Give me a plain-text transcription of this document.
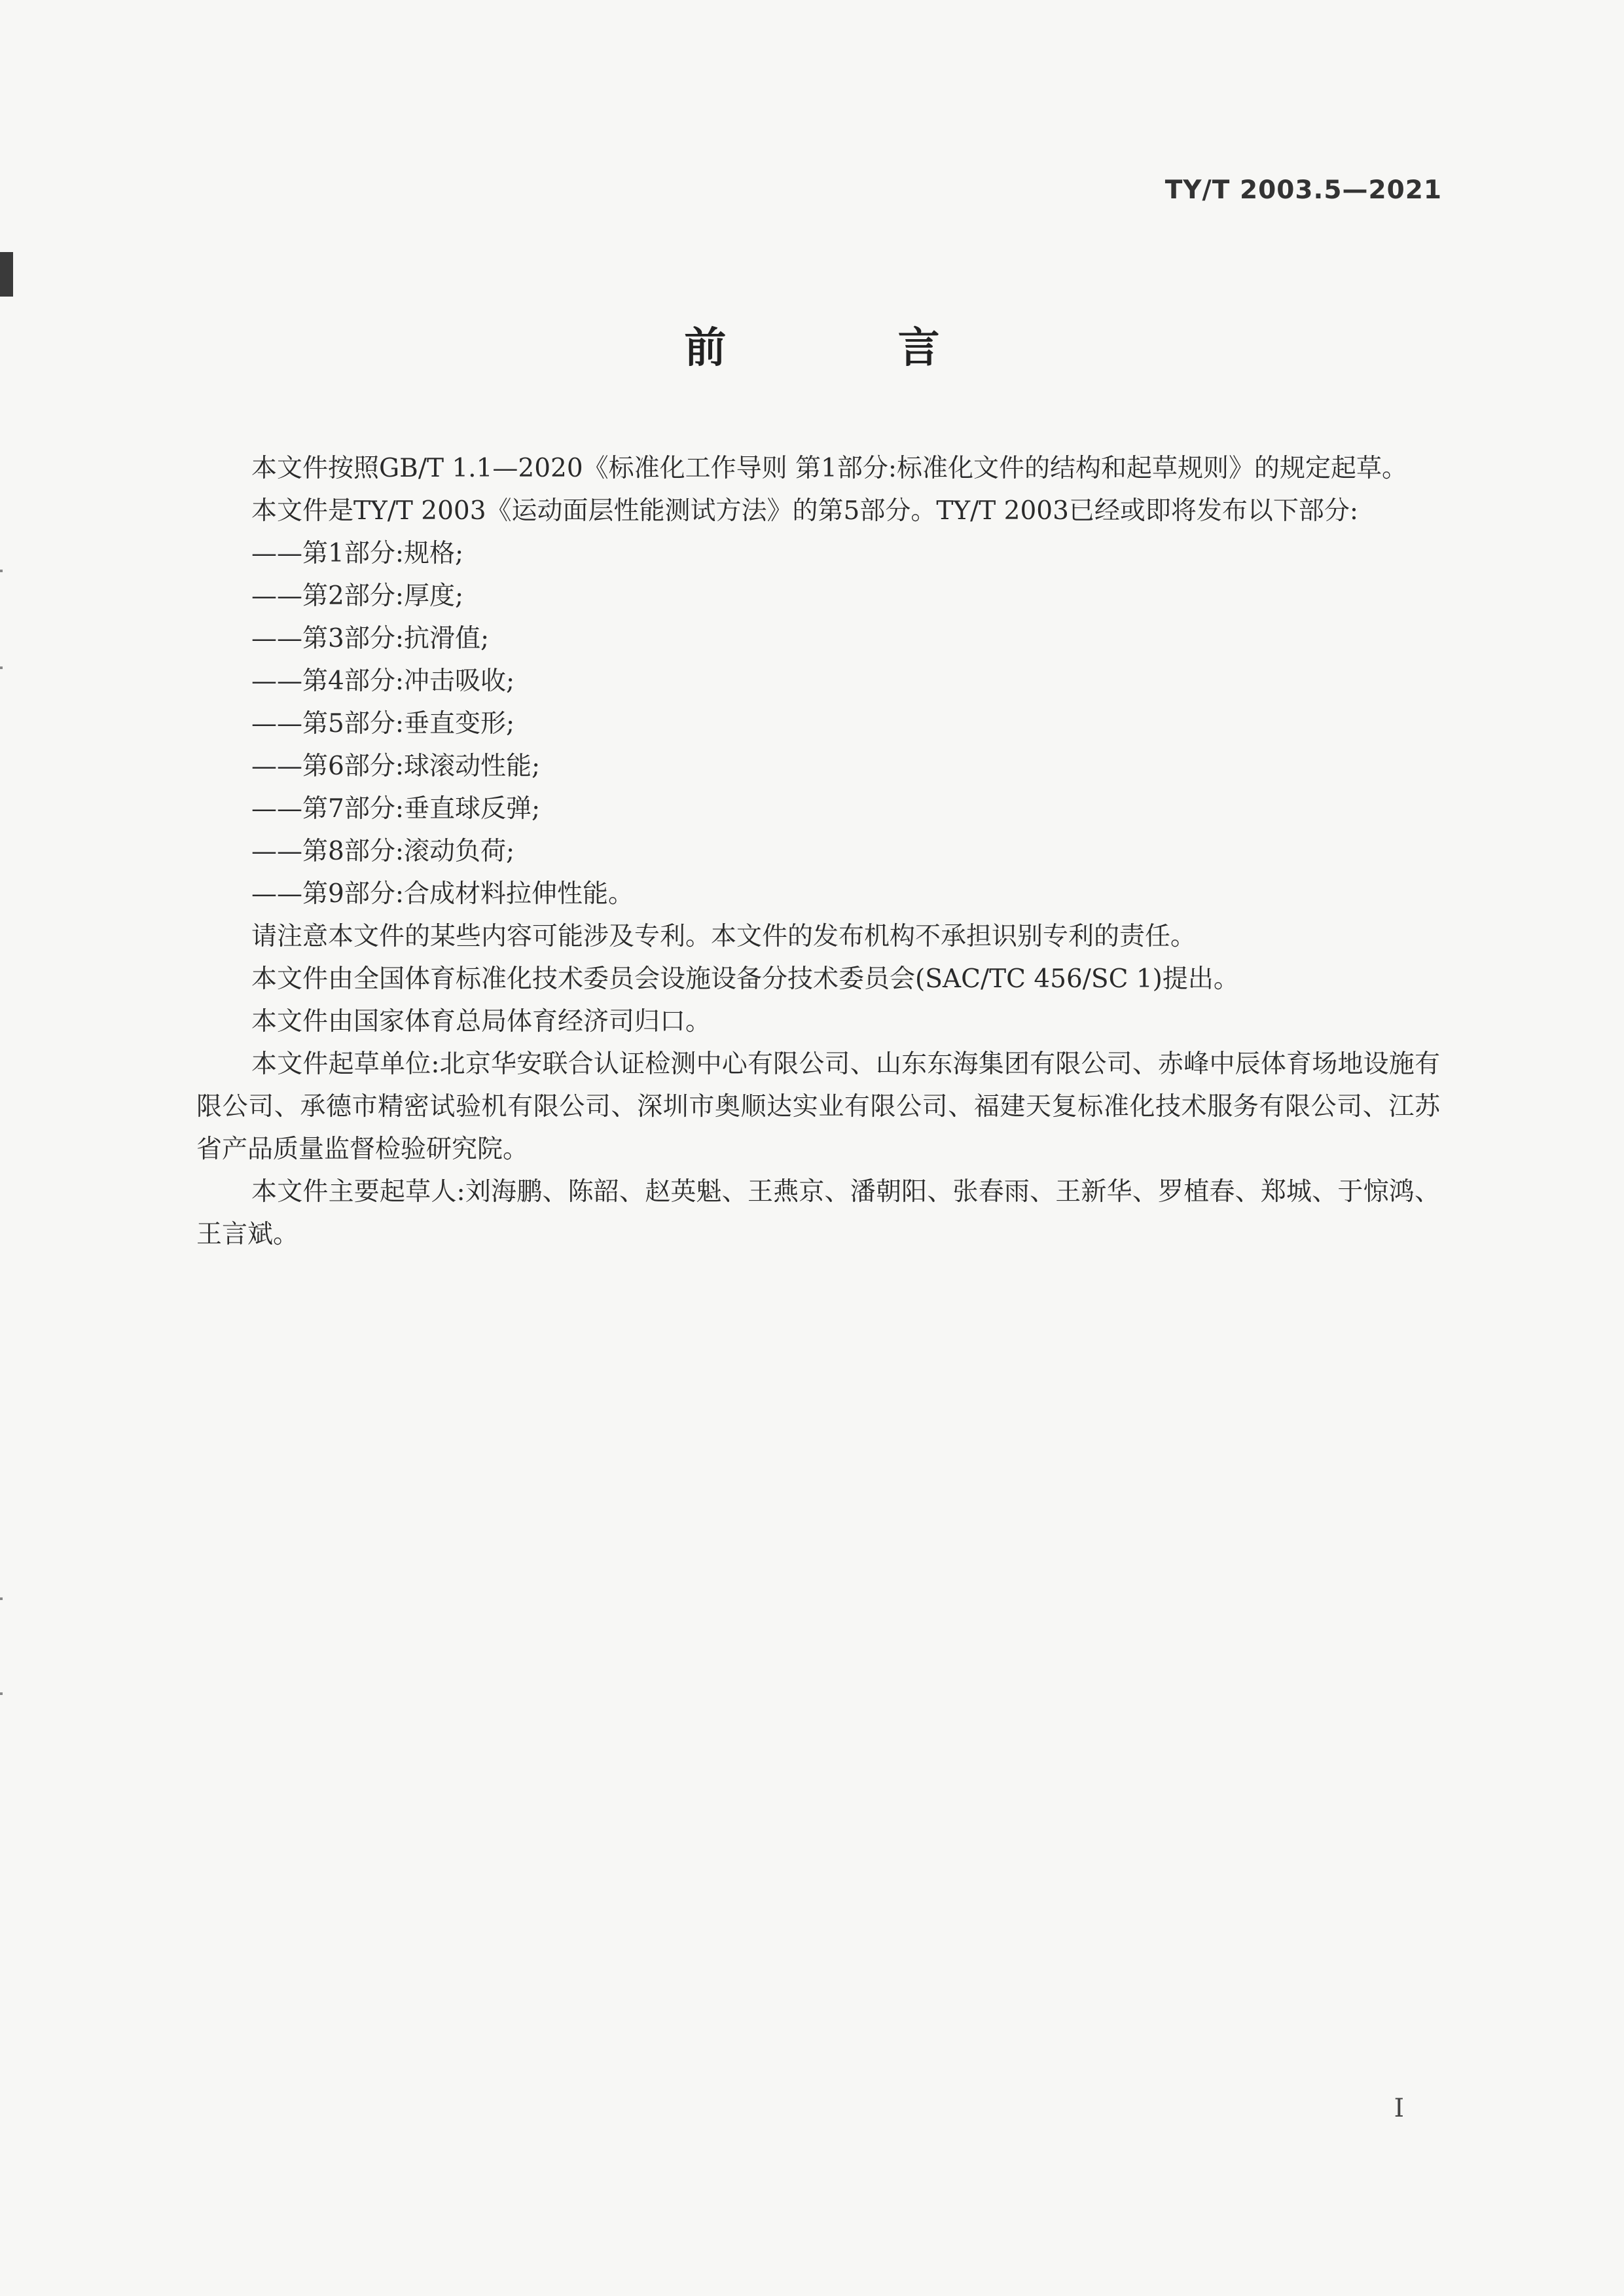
TY/T 2003.5—2021
前 言

本文件按照GB/T 1.1—2020《标准化工作导则 第1部分:标准化文件的结构和起草规则》的规定起草。

本文件是TY/T 2003《运动面层性能测试方法》的第5部分。TY/T 2003已经或即将发布以下部分:

——第1部分:规格;

——第2部分:厚度;

——第3部分:抗滑值;

——第4部分:冲击吸收;

——第5部分:垂直变形;

——第6部分:球滚动性能;

——第7部分:垂直球反弹;

——第8部分:滚动负荷;

——第9部分:合成材料拉伸性能。

请注意本文件的某些内容可能涉及专利。本文件的发布机构不承担识别专利的责任。

本文件由全国体育标准化技术委员会设施设备分技术委员会(SAC/TC 456/SC 1)提出。

本文件由国家体育总局体育经济司归口。

本文件起草单位:北京华安联合认证检测中心有限公司、山东东海集团有限公司、赤峰中辰体育场地设施有限公司、承德市精密试验机有限公司、深圳市奥顺达实业有限公司、福建天复标准化技术服务有限公司、江苏省产品质量监督检验研究院。

本文件主要起草人:刘海鹏、陈韶、赵英魁、王燕京、潘朝阳、张春雨、王新华、罗植春、郑城、于惊鸿、王言斌。

I
